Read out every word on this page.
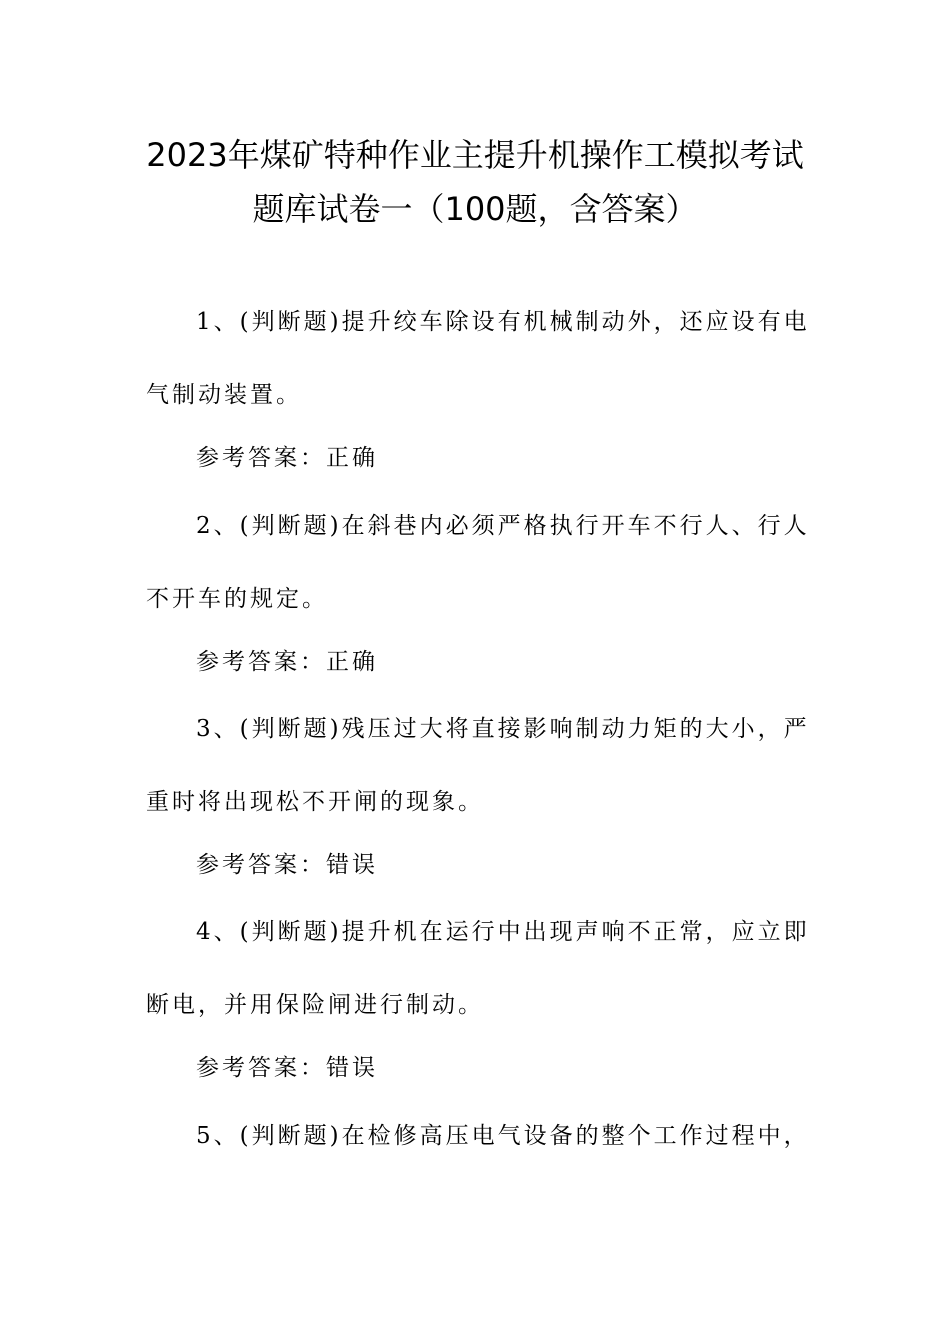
2023年煤矿特种作业主提升机操作工模拟考试
题库试卷一（100题，含答案）
1、(判断题)提升绞车除设有机械制动外，还应设有电
气制动装置。
参考答案：正确
2、(判断题)在斜巷内必须严格执行开车不行人、行人
不开车的规定。
参考答案：正确
3、(判断题)残压过大将直接影响制动力矩的大小，严
重时将出现松不开闸的现象。
参考答案：错误
4、(判断题)提升机在运行中出现声响不正常，应立即
断电，并用保险闸进行制动。
参考答案：错误
5、(判断题)在检修高压电气设备的整个工作过程中，
